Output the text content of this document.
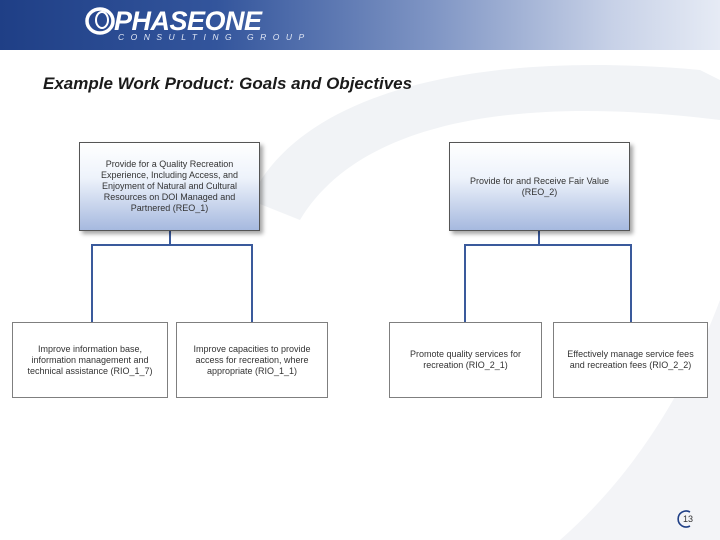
PHASEONE
CONSULTING GROUP
Example Work Product: Goals and Objectives
Provide for a Quality Recreation Experience, Including Access, and Enjoyment of Natural and Cultural Resources on DOI Managed and Partnered (REO_1)
Provide for and Receive Fair Value (REO_2)
Improve information base, information management and technical assistance (RIO_1_7)
Improve capacities to provide access for recreation, where appropriate (RIO_1_1)
Promote quality services for recreation (RIO_2_1)
Effectively manage service fees and recreation fees (RIO_2_2)
13
